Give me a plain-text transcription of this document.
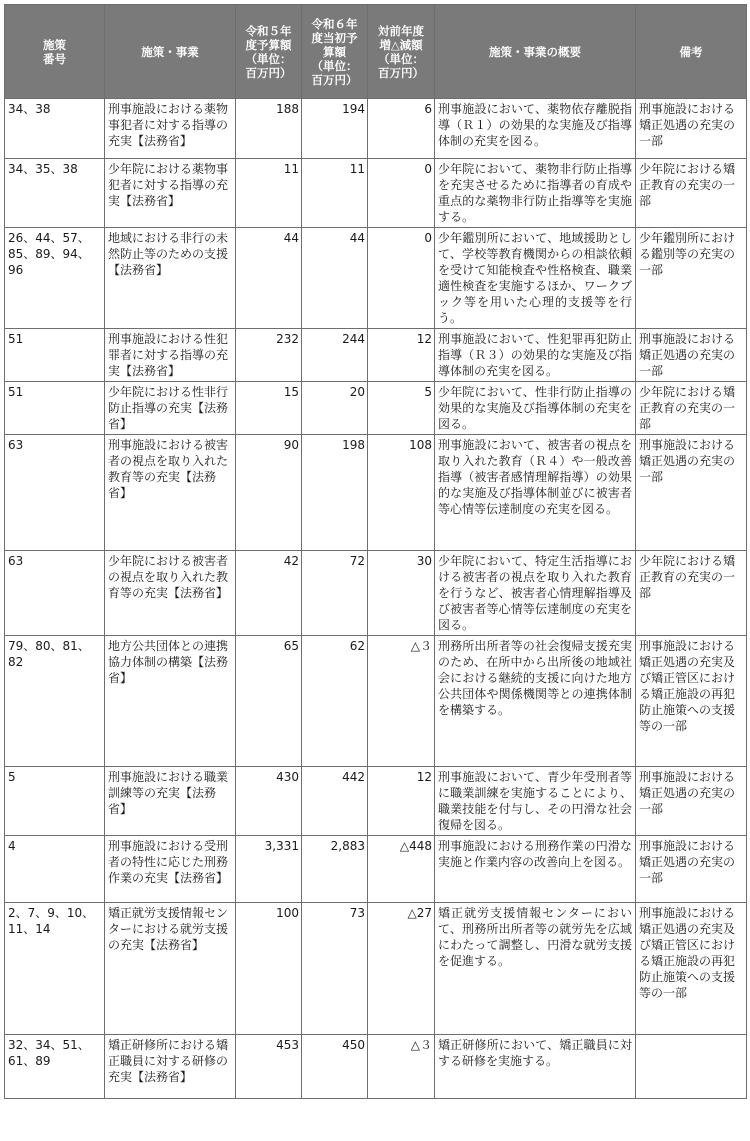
施策
番号	施策・事業	令和５年
度予算額
（単位：
百万円）	令和６年
度当初予
算額
（単位：
百万円）	対前年度
増△減額
（単位：
百万円）	施策・事業の概要	備考
34、38	刑事施設における薬物事犯者に対する指導の充実【法務省】	188	194	6	刑事施設において、薬物依存離脱指導（Ｒ１）の効果的な実施及び指導体制の充実を図る。	刑事施設における矯正処遇の充実の一部
34、35、38	少年院における薬物事犯者に対する指導の充実【法務省】	11	11	0	少年院において、薬物非行防止指導を充実させるために指導者の育成や重点的な薬物非行防止指導等を実施する。	少年院における矯正教育の充実の一部
26、44、57、85、89、94、96	地域における非行の未然防止等のための支援【法務省】	44	44	0	少年鑑別所において、地域援助として、学校等教育機関からの相談依頼を受けて知能検査や性格検査、職業適性検査を実施するほか、ワークブック等を用いた心理的支援等を行う。	少年鑑別所における鑑別等の充実の一部
51	刑事施設における性犯罪者に対する指導の充実【法務省】	232	244	12	刑事施設において、性犯罪再犯防止指導（Ｒ３）の効果的な実施及び指導体制の充実を図る。	刑事施設における矯正処遇の充実の一部
51	少年院における性非行防止指導の充実【法務省】	15	20	5	少年院において、性非行防止指導の効果的な実施及び指導体制の充実を図る。	少年院における矯正教育の充実の一部
63	刑事施設における被害者の視点を取り入れた教育等の充実【法務省】	90	198	108	刑事施設において、被害者の視点を取り入れた教育（Ｒ４）や一般改善指導（被害者感情理解指導）の効果的な実施及び指導体制並びに被害者等心情等伝達制度の充実を図る。	刑事施設における矯正処遇の充実の一部
63	少年院における被害者の視点を取り入れた教育等の充実【法務省】	42	72	30	少年院において、特定生活指導における被害者の視点を取り入れた教育を行うなど、被害者心情理解指導及び被害者等心情等伝達制度の充実を図る。	少年院における矯正教育の充実の一部
79、80、81、82	地方公共団体との連携協力体制の構築【法務省】	65	62	△３	刑務所出所者等の社会復帰支援充実のため、在所中から出所後の地域社会における継続的支援に向けた地方公共団体や関係機関等との連携体制を構築する。	刑事施設における矯正処遇の充実及び矯正管区における矯正施設の再犯防止施策への支援等の一部
5	刑事施設における職業訓練等の充実【法務省】	430	442	12	刑事施設において、青少年受刑者等に職業訓練を実施することにより、職業技能を付与し、その円滑な社会復帰を図る。	刑事施設における矯正処遇の充実の一部
4	刑事施設における受刑者の特性に応じた刑務作業の充実【法務省】	3,331	2,883	△448	刑事施設における刑務作業の円滑な実施と作業内容の改善向上を図る。	刑事施設における矯正処遇の充実の一部
2、7、9、10、11、14	矯正就労支援情報センターにおける就労支援の充実【法務省】	100	73	△27	矯正就労支援情報センターにおいて、刑務所出所者等の就労先を広域にわたって調整し、円滑な就労支援を促進する。	刑事施設における矯正処遇の充実及び矯正管区における矯正施設の再犯防止施策への支援等の一部
32、34、51、61、89	矯正研修所における矯正職員に対する研修の充実【法務省】	453	450	△３	矯正研修所において、矯正職員に対する研修を実施する。	
